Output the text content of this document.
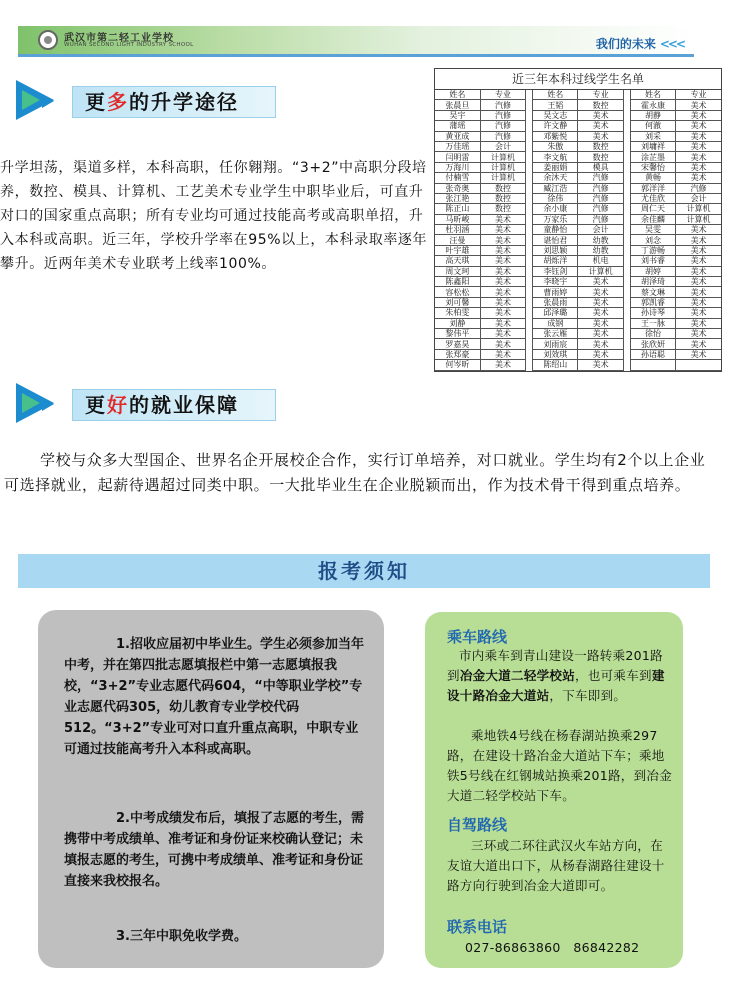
武汉市第二轻工业学校
WUHAN SECOND LIGHT INDUSTRY SCHOOL	我们的未来 <<<
更多的升学途径
升学坦荡，渠道多样，本科高职，任你翱翔。“3+2”中高职分段培养，数控、模具、计算机、工艺美术专业学生中职毕业后，可直升对口的国家重点高职；所有专业均可通过技能高考或高职单招，升入本科或高职。近三年，学校升学率在95%以上，本科录取率逐年攀升。近两年美术专业联考上线率100%。
近三年本科过线学生名单
姓名	专业		姓名	专业		姓名	专业
张晨旦	汽修		王韬	数控		霍永康	美术
吴宇	汽修		吴文志	美术		胡静	美术
蒲瑶	汽修		许文静	美术		何澈	美术
黄亚成	汽修		邓紫悦	美术		刘采	美术
万佳瑶	会计		朱傲	数控		刘墉祥	美术
闫明雷	计算机		李文航	数控		涂芷墨	美术
万海川	计算机		姜丽娟	模具		宋馨怡	美术
付楠雪	计算机		余沐天	汽修		黄畅	美术
张奇奥	数控		臧江浩	汽修		郭洋洋	汽修
张江艳	数控		徐伟	汽修		尤佳欣	会计
陈正山	数控		余小康	汽修		周仁天	计算机
马昕峻	美术		万家乐	汽修		余佳麟	计算机
杜羽涵	美术		童静怡	会计		吴雯	美术
汪曼	美术		谌怡君	幼教		刘念	美术
叶宇雄	美术		刘思颖	幼教		丁游畅	美术
高天琪	美术		胡烁洋	机电		刘书睿	美术
周文珂	美术		李钰剑	计算机		胡婷	美术
陈鑫阳	美术		李晓宇	美术		胡泽琦	美术
容松松	美术		曹雨婷	美术		蔡文琳	美术
刘可馨	美术		张晨雨	美术		郭凯睿	美术
朱柏雯	美术		邱泽璐	美术		孙诗琴	美术
刘静	美术		成钢	美术		王一脉	美术
黎伟平	美术		张云雁	美术		徐怡	美术
罗嘉昊	美术		刘雨宸	美术		张欣妍	美术
张郑豪	美术		刘效琪	美术		孙语聪	美术
何岑昕	美术		陈绍山	美术			
更好的就业保障
学校与众多大型国企、世界名企开展校企合作，实行订单培养，对口就业。学生均有2个以上企业可选择就业，起薪待遇超过同类中职。一大批毕业生在企业脱颖而出，作为技术骨干得到重点培养。
报考须知

1.招收应届初中毕业生。学生必须参加当年中考，并在第四批志愿填报栏中第一志愿填报我校，“3+2”专业志愿代码604，“中等职业学校”专业志愿代码305，幼儿教育专业学校代码512。“3+2”专业可对口直升重点高职，中职专业可通过技能高考升入本科或高职。

2.中考成绩发布后，填报了志愿的考生，需携带中考成绩单、准考证和身份证来校确认登记；未填报志愿的考生，可携中考成绩单、准考证和身份证直接来我校报名。

3.三年中职免收学费。

乘车路线
市内乘车到青山建设一路转乘201路到冶金大道二轻学校站，也可乘车到建设十路冶金大道站，下车即到。
乘地铁4号线在杨春湖站换乘297路，在建设十路冶金大道站下车；乘地铁5号线在红钢城站换乘201路，到冶金大道二轻学校站下车。
自驾路线
三环或二环往武汉火车站方向，在友谊大道出口下，从杨春湖路往建设十路方向行驶到冶金大道即可。
联系电话
027-86863860　86842282
